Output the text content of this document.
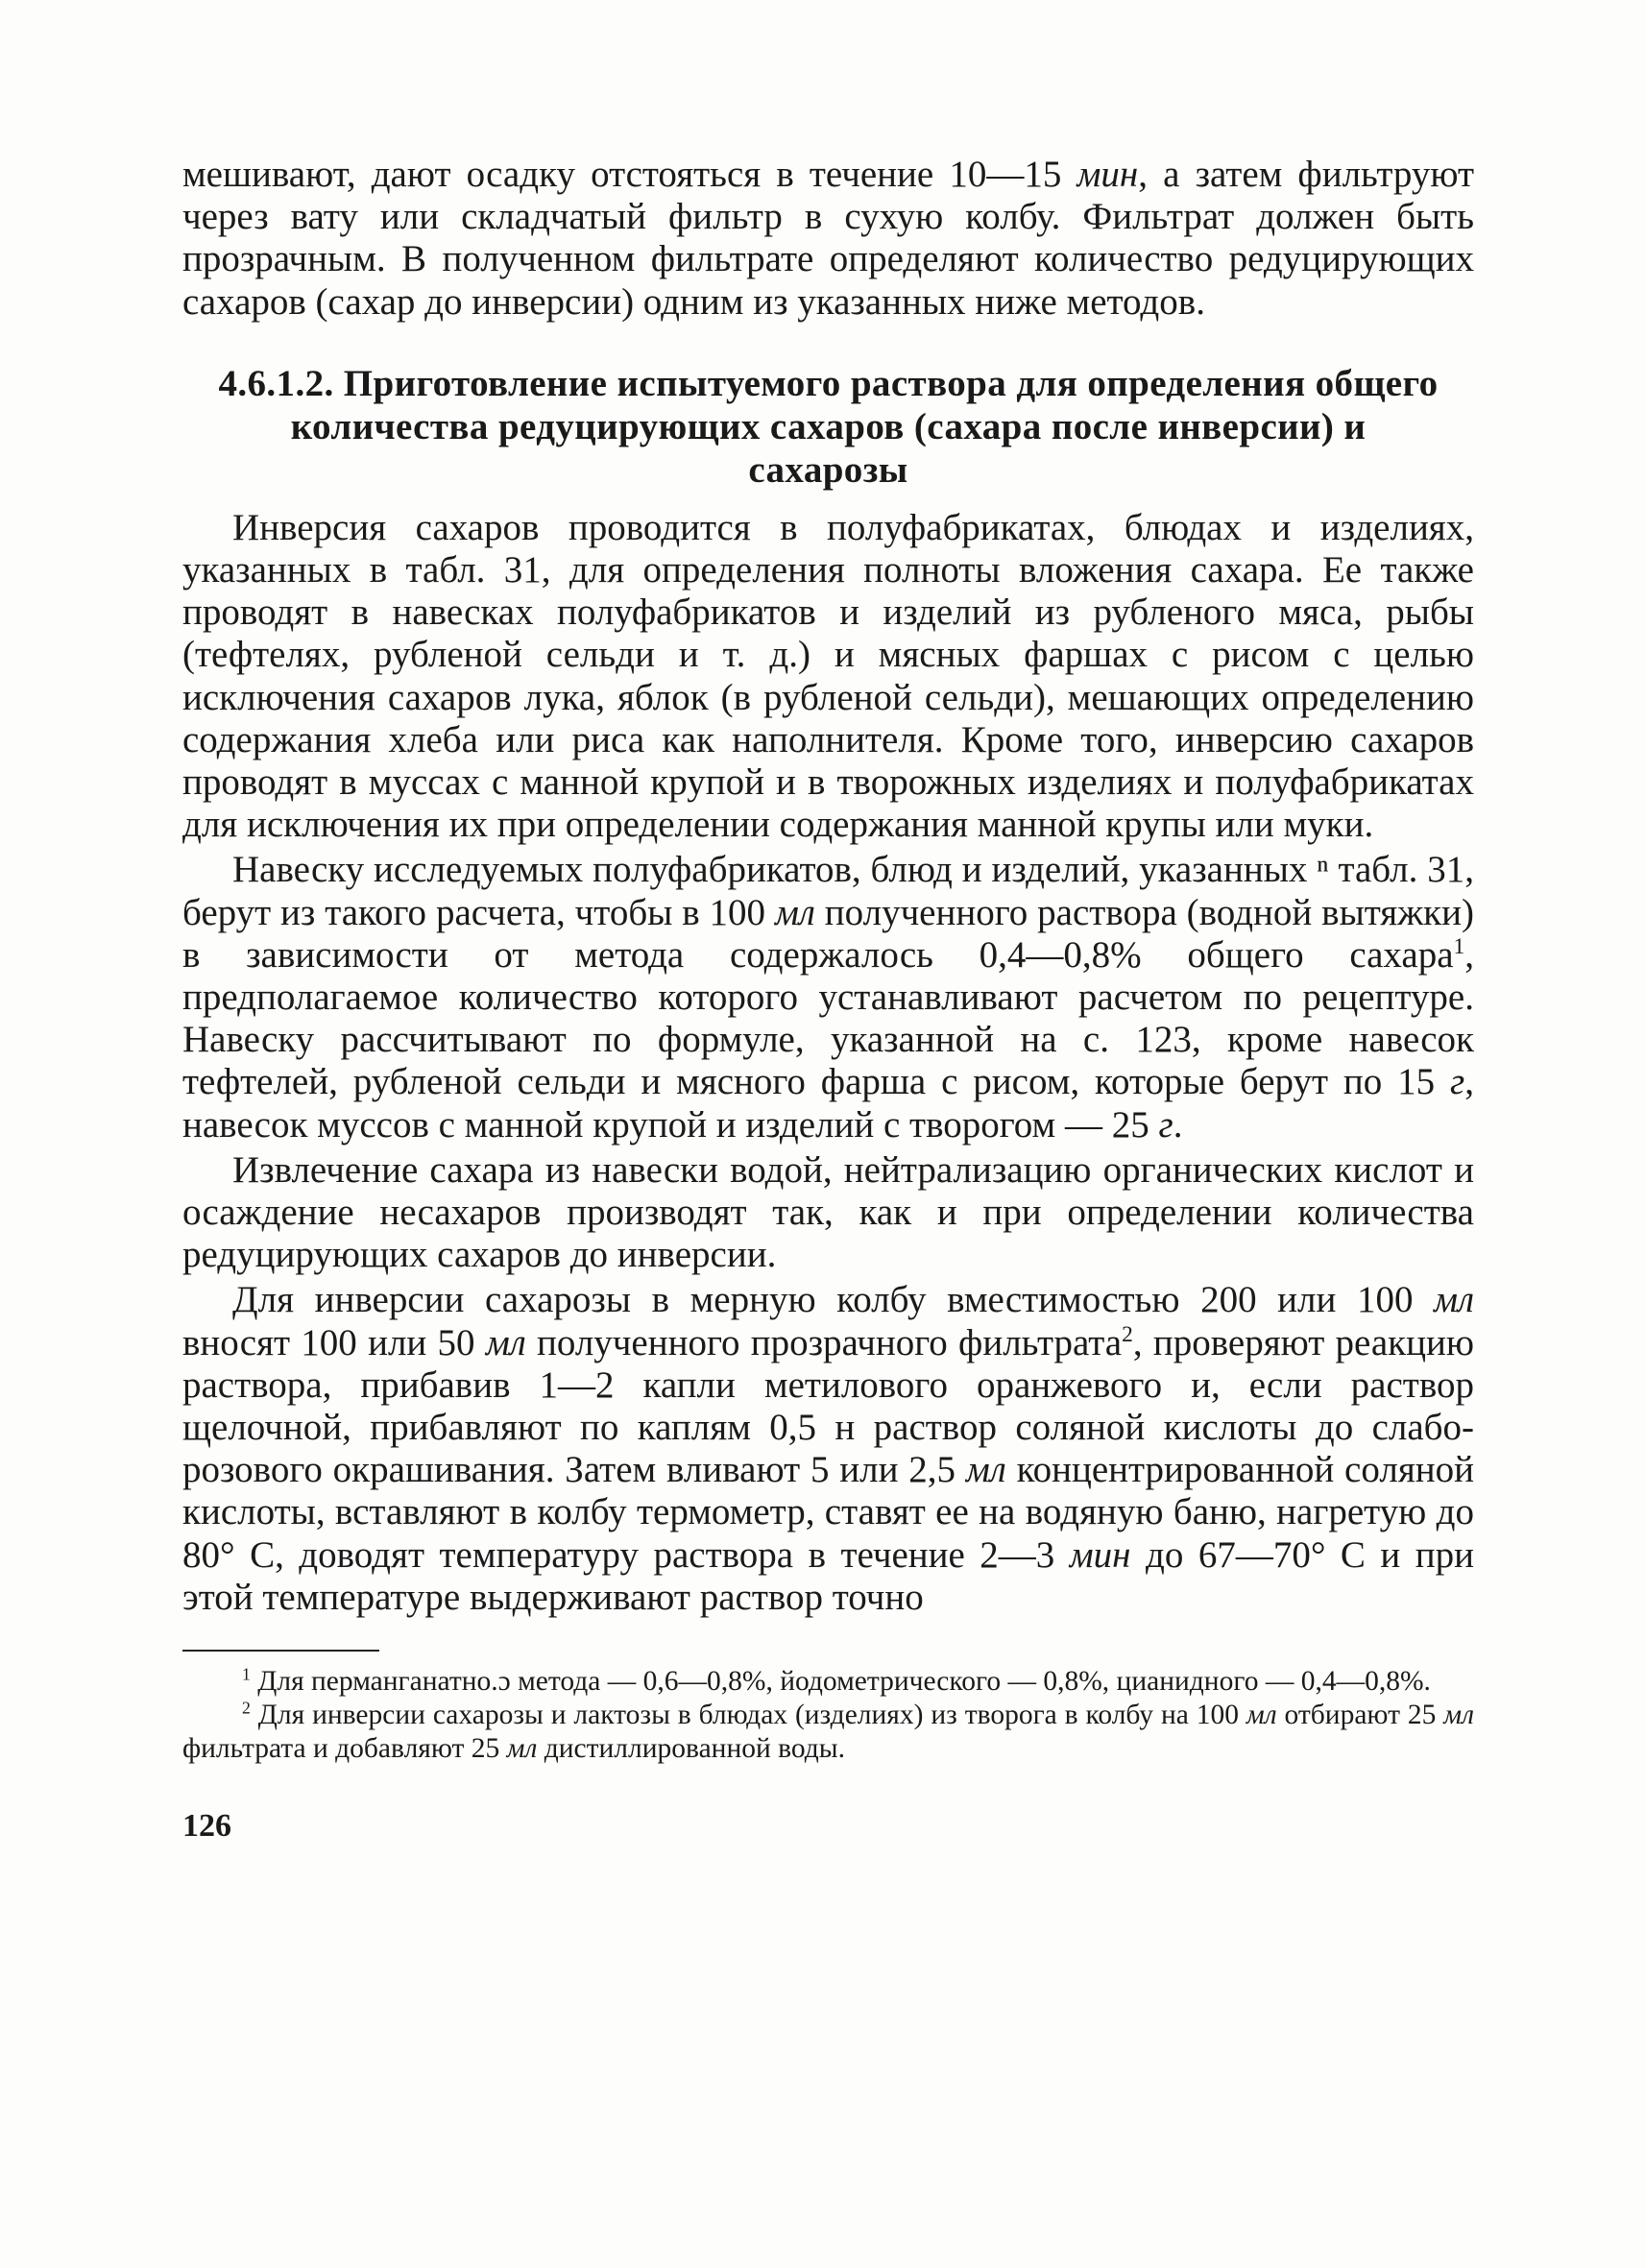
мешивают, дают осадку отстояться в течение 10—15 мин, а затем фильтруют через вату или складчатый фильтр в сухую колбу. Фильтрат должен быть прозрачным. В полученном фильтрате определяют количество редуцирующих сахаров (сахар до инверсии) одним из указанных ниже методов.

4.6.1.2. Приготовление испытуемого раствора для определения общего количества редуцирующих сахаров (сахара после инверсии) и сахарозы

Инверсия сахаров проводится в полуфабрикатах, блюдах и изделиях, указанных в табл. 31, для определения полноты вложения сахара. Ее также проводят в навесках полуфабрикатов и изделий из рубленого мяса, рыбы (тефтелях, рубленой сельди и т. д.) и мясных фаршах с рисом с целью исключения сахаров лука, яблок (в рубленой сельди), мешающих определению содержания хлеба или риса как наполнителя. Кроме того, инверсию сахаров проводят в муссах с манной крупой и в творожных изделиях и полуфабрикатах для исключения их при определении содержания манной крупы или муки.

Навеску исследуемых полуфабрикатов, блюд и изделий, указанных ⁿ табл. 31, берут из такого расчета, чтобы в 100 мл полученного раствора (водной вытяжки) в зависимости от метода содержалось 0,4—0,8% общего сахара$^1$, предполагаемое количество которого устанавливают расчетом по рецептуре. Навеску рассчитывают по формуле, указанной на с. 123, кроме навесок тефтелей, рубленой сельди и мясного фарша с рисом, которые берут по 15 г, навесок муссов с манной крупой и изделий с творогом — 25 г.

Извлечение сахара из навески водой, нейтрализацию органических кислот и осаждение несахаров производят так, как и при определении количества редуцирующих сахаров до инверсии.

Для инверсии сахарозы в мерную колбу вместимостью 200 или 100 мл вносят 100 или 50 мл полученного прозрачного фильтрата$^2$, проверяют реакцию раствора, прибавив 1—2 капли метилового оранжевого и, если раствор щелочной, прибавляют по каплям 0,5 н раствор соляной кислоты до слабо-розового окрашивания. Затем вливают 5 или 2,5 мл концентрированной соляной кислоты, вставляют в колбу термометр, ставят ее на водяную баню, нагретую до 80° С, доводят температуру раствора в течение 2—3 мин до 67—70° С и при этой температуре выдерживают раствор точно

$^1$ Для перманганатно.ɔ метода — 0,6—0,8%, йодометрического — 0,8%, цианидного — 0,4—0,8%.

$^2$ Для инверсии сахарозы и лактозы в блюдах (изделиях) из творога в колбу на 100 мл отбирают 25 мл фильтрата и добавляют 25 мл дистиллированной воды.

126
